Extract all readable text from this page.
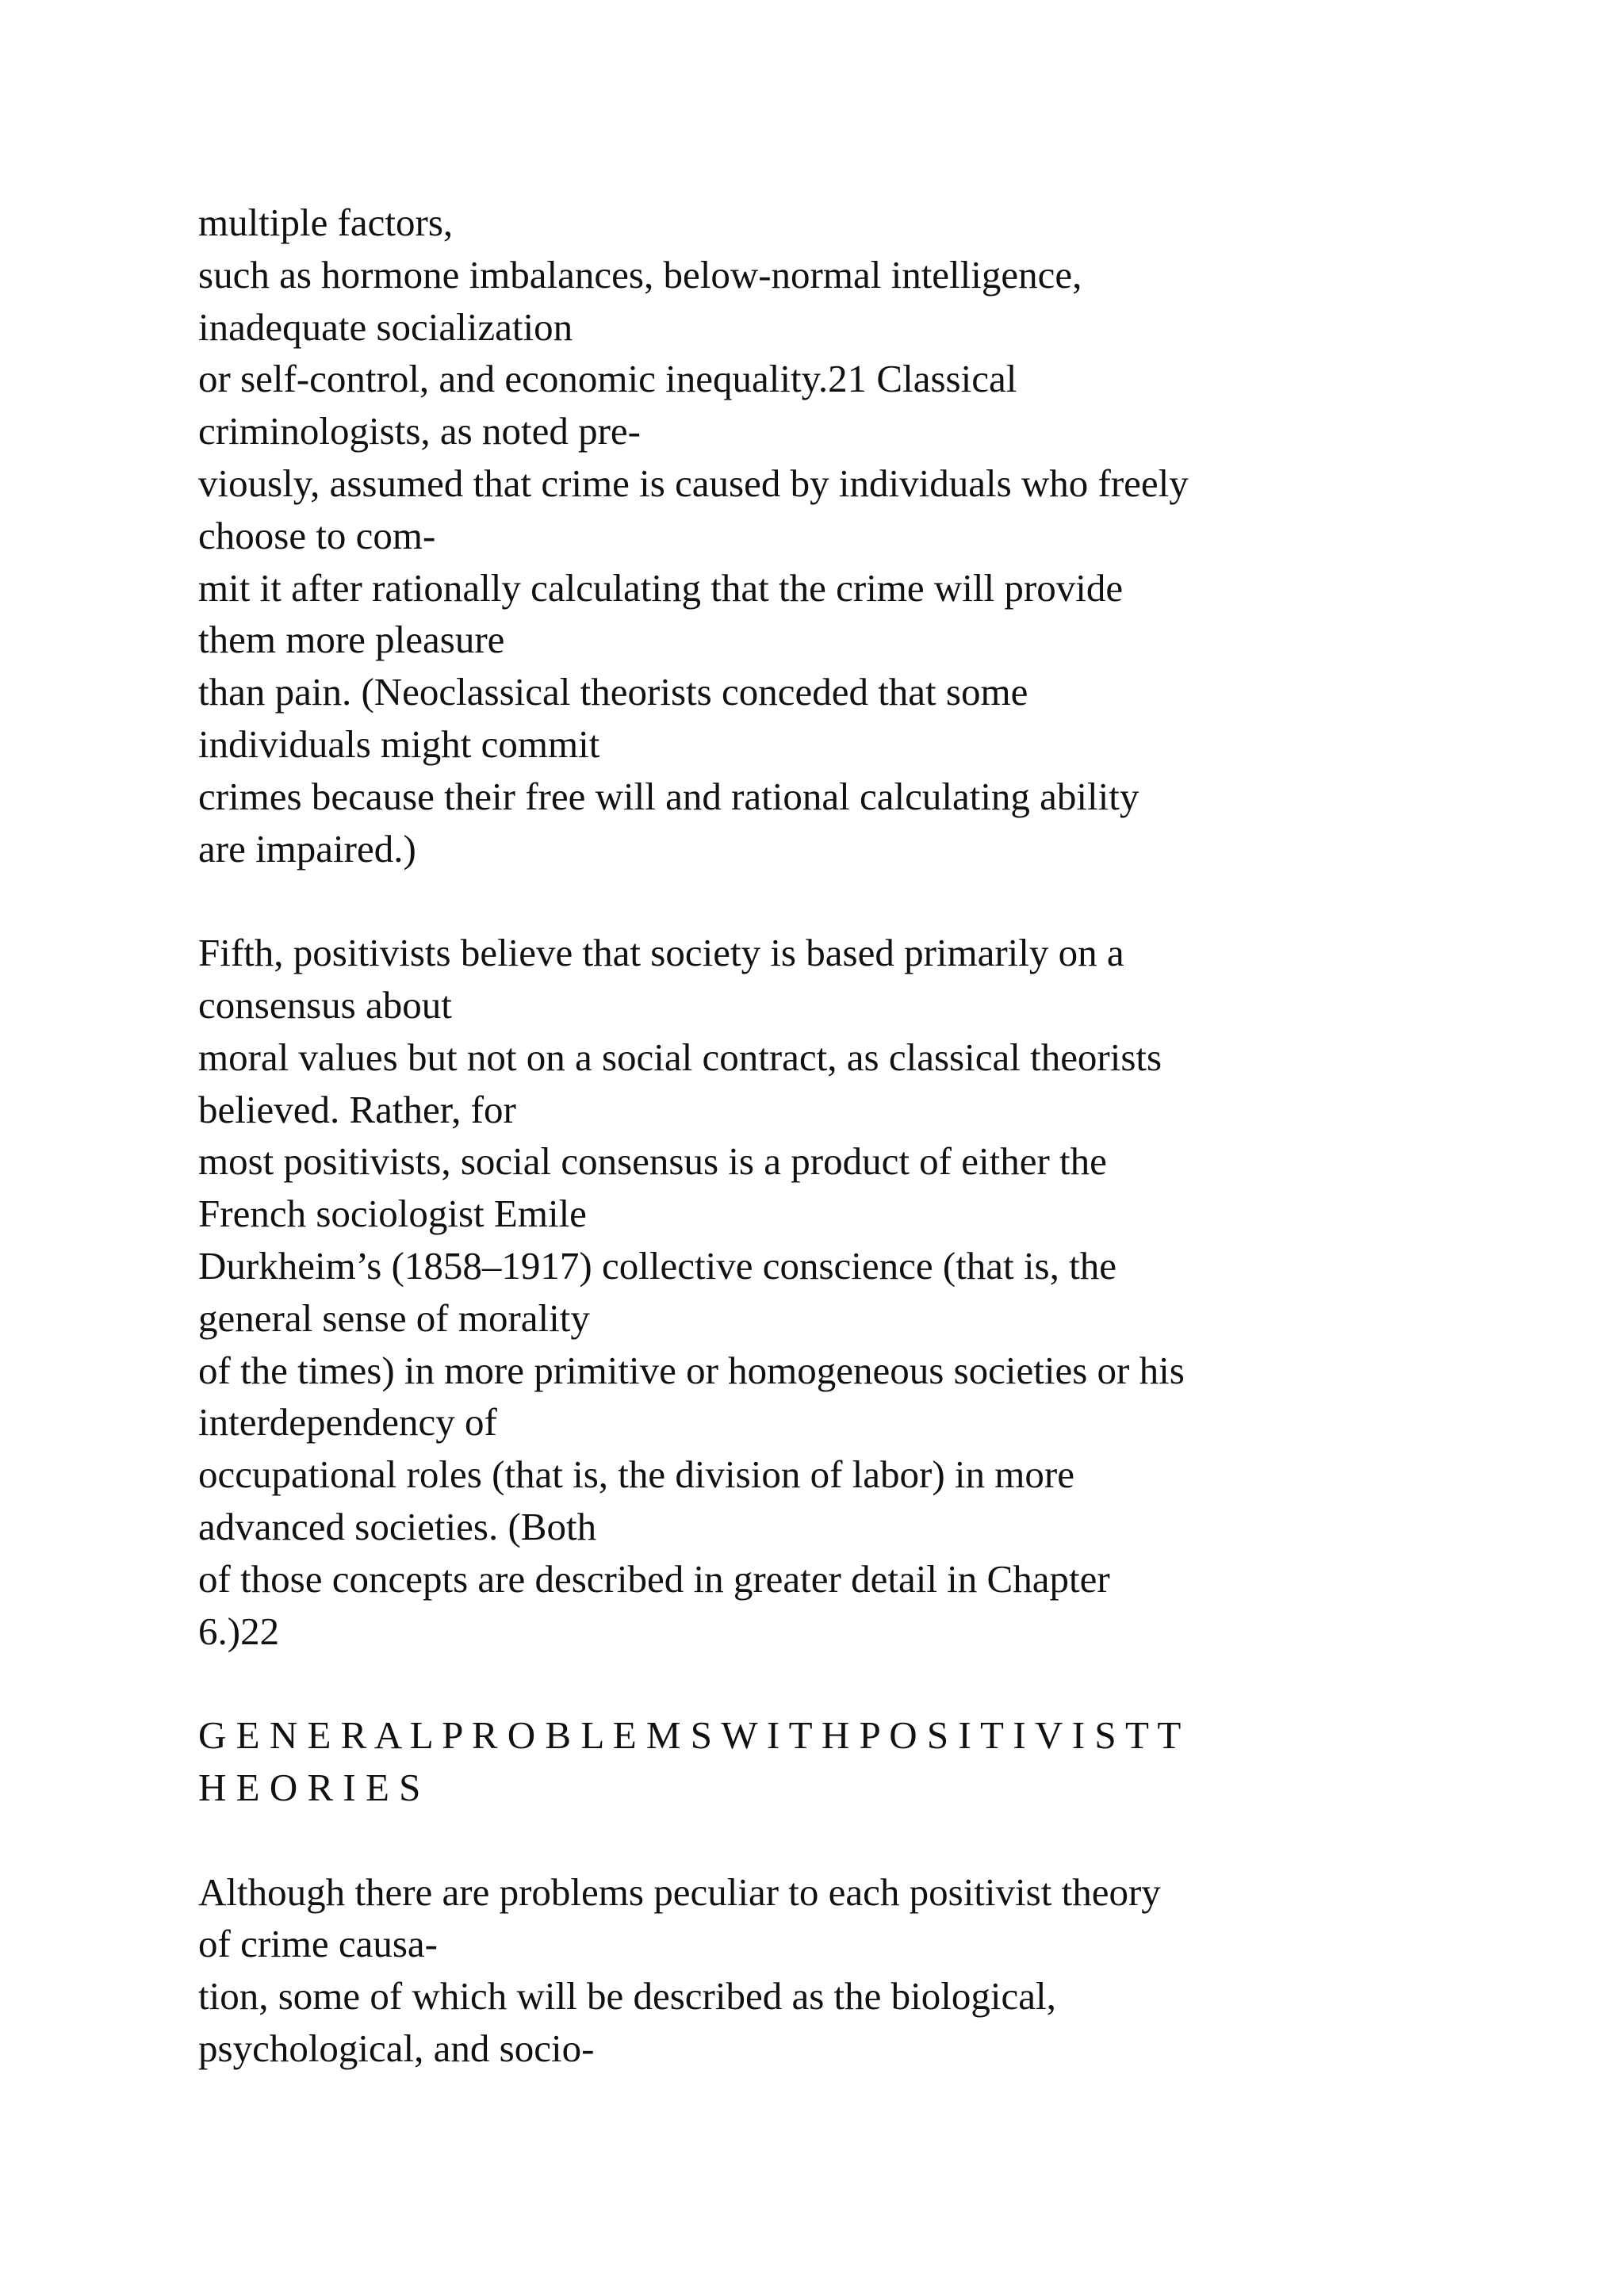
multiple factors,
such as hormone imbalances, below-normal intelligence,
inadequate socialization
or self-control, and economic inequality.21 Classical
criminologists, as noted pre-
viously, assumed that crime is caused by individuals who freely
choose to com-
mit it after rationally calculating that the crime will provide
them more pleasure
than pain. (Neoclassical theorists conceded that some
individuals might commit
crimes because their free will and rational calculating ability
are impaired.)
Fifth, positivists believe that society is based primarily on a
consensus about
moral values but not on a social contract, as classical theorists
believed. Rather, for
most positivists, social consensus is a product of either the
French sociologist Emile
Durkheim’s (1858–1917) collective conscience (that is, the
general sense of morality
of the times) in more primitive or homogeneous societies or his
interdependency of
occupational roles (that is, the division of labor) in more
advanced societies. (Both
of those concepts are described in greater detail in Chapter
6.)22
G E N E R A L P R O B L E M S W I T H P O S I T I V I S T T
H E O R I E S
Although there are problems peculiar to each positivist theory
of crime causa-
tion, some of which will be described as the biological,
psychological, and socio-
